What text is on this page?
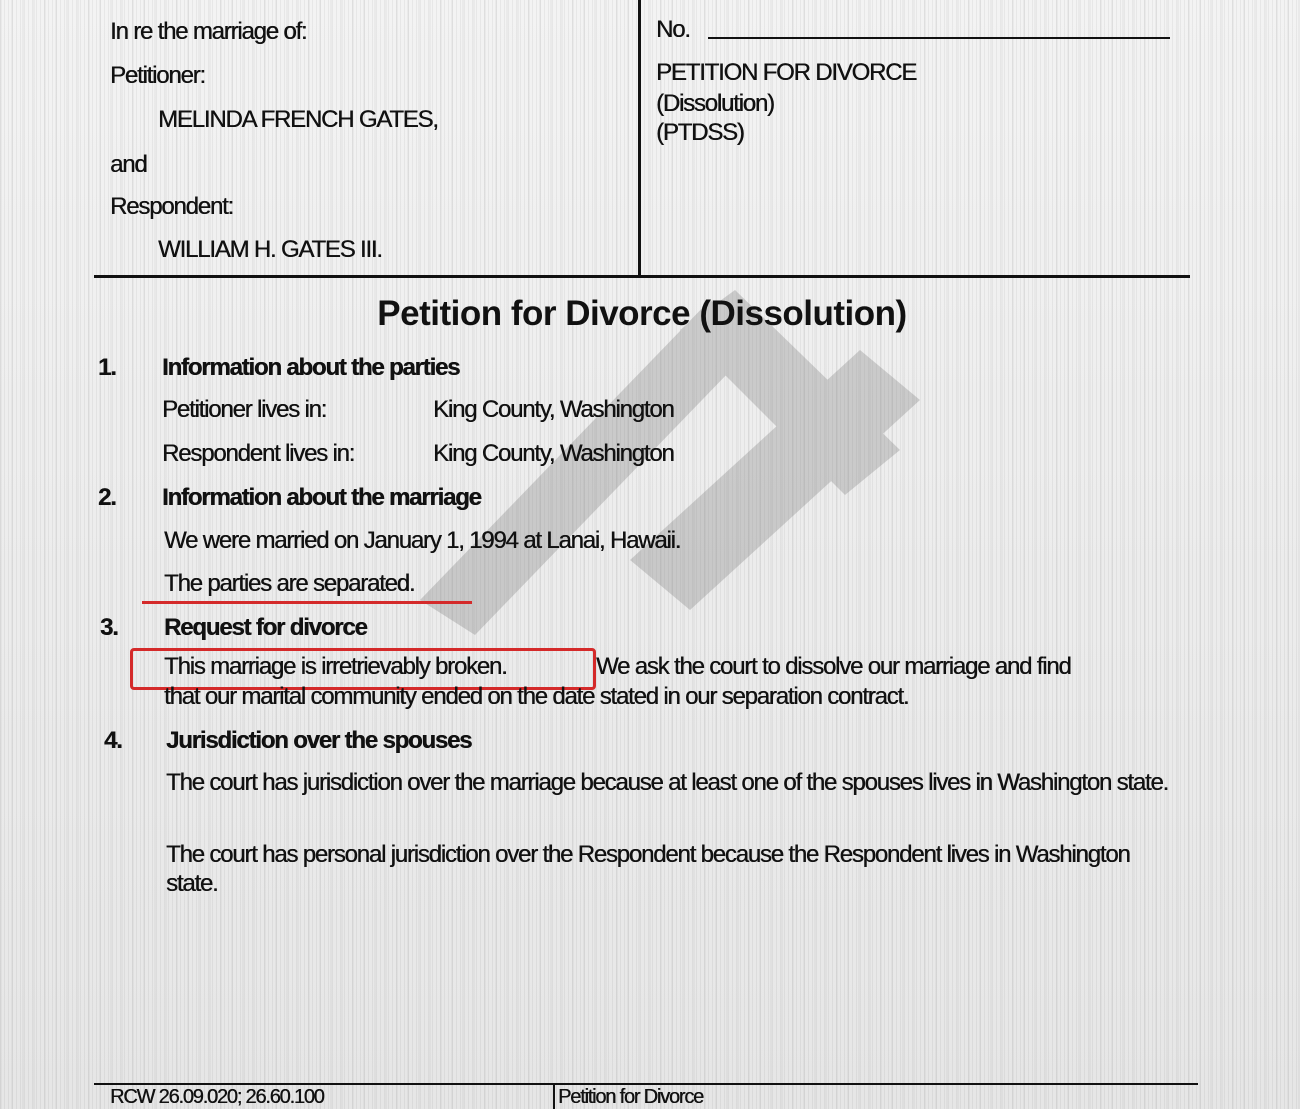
In re the marriage of:
Petitioner:
MELINDA FRENCH GATES,
and
Respondent:
WILLIAM H. GATES III.
No.
PETITION FOR DIVORCE
(Dissolution)
(PTDSS)
Petition for Divorce (Dissolution)
1. Information about the parties
Petitioner lives in:	King County, Washington
Respondent lives in:	King County, Washington
2. Information about the marriage
We were married on January 1, 1994 at Lanai, Hawaii.
The parties are separated.
3. Request for divorce
This marriage is irretrievably broken.	We ask the court to dissolve our marriage and find
that our marital community ended on the date stated in our separation contract.
4. Jurisdiction over the spouses
The court has jurisdiction over the marriage because at least one of the spouses lives in Washington state.
The court has personal jurisdiction over the Respondent because the Respondent lives in Washington state.
RCW 26.09.020; 26.60.100	Petition for Divorce
